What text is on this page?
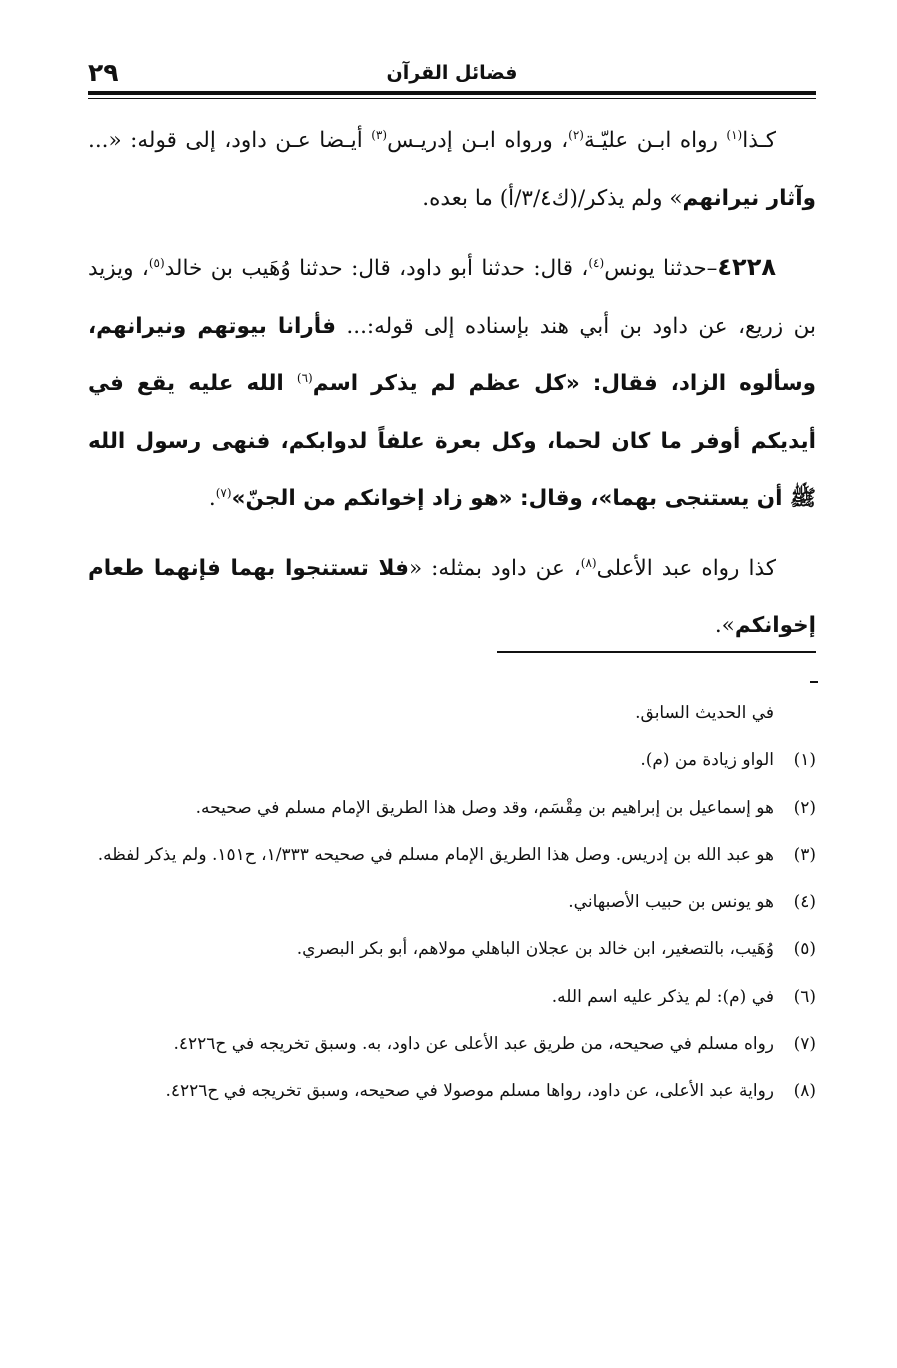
٢٩	فضائل القرآن

كـذا$^{(١)}$ رواه ابـن عليّـة$^{(٢)}$، ورواه ابـن إدريـس$^{(٣)}$ أيـضا عـن داود، إلى قوله: «... وآثار نيرانهم» ولم يذكر/(ك٣/٤/أ) ما بعده.

٤٢٢٨–حدثنا يونس$^{(٤)}$، قال: حدثنا أبو داود، قال: حدثنا وُهَيب بن خالد$^{(٥)}$، ويزيد بن زريع، عن داود بن أبي هند بإسناده إلى قوله:... فأرانا بيوتهم ونيرانهم، وسألوه الزاد، فقال: «كل عظم لم يذكر اسم$^{(٦)}$ الله عليه يقع في أيديكم أوفر ما كان لحما، وكل بعرة علفاً لدوابكم، فنهى رسول الله ﷺ أن يستنجى بهما»، وقال: «هو زاد إخوانكم من الجنّ»$^{(٧)}$.

كذا رواه عبد الأعلى$^{(٨)}$، عن داود بمثله: «فلا تستنجوا بهما فإنهما طعام إخوانكم».

في الحديث السابق.

(١)
الواو زيادة من (م).
(٢)
هو إسماعيل بن إبراهيم بن مِقْسَم، وقد وصل هذا الطريق الإمام مسلم في صحيحه.
(٣)
هو عبد الله بن إدريس. وصل هذا الطريق الإمام مسلم في صحيحه ١/٣٣٣، ح١٥١. ولم يذكر لفظه.
(٤)
هو يونس بن حبيب الأصبهاني.
(٥)
وُهَيب، بالتصغير، ابن خالد بن عجلان الباهلي مولاهم، أبو بكر البصري.
(٦)
في (م): لم يذكر عليه اسم الله.
(٧)
رواه مسلم في صحيحه، من طريق عبد الأعلى عن داود، به. وسبق تخريجه في ح٤٢٢٦.
(٨)
رواية عبد الأعلى، عن داود، رواها مسلم موصولا في صحيحه، وسبق تخريجه في ح٤٢٢٦.
